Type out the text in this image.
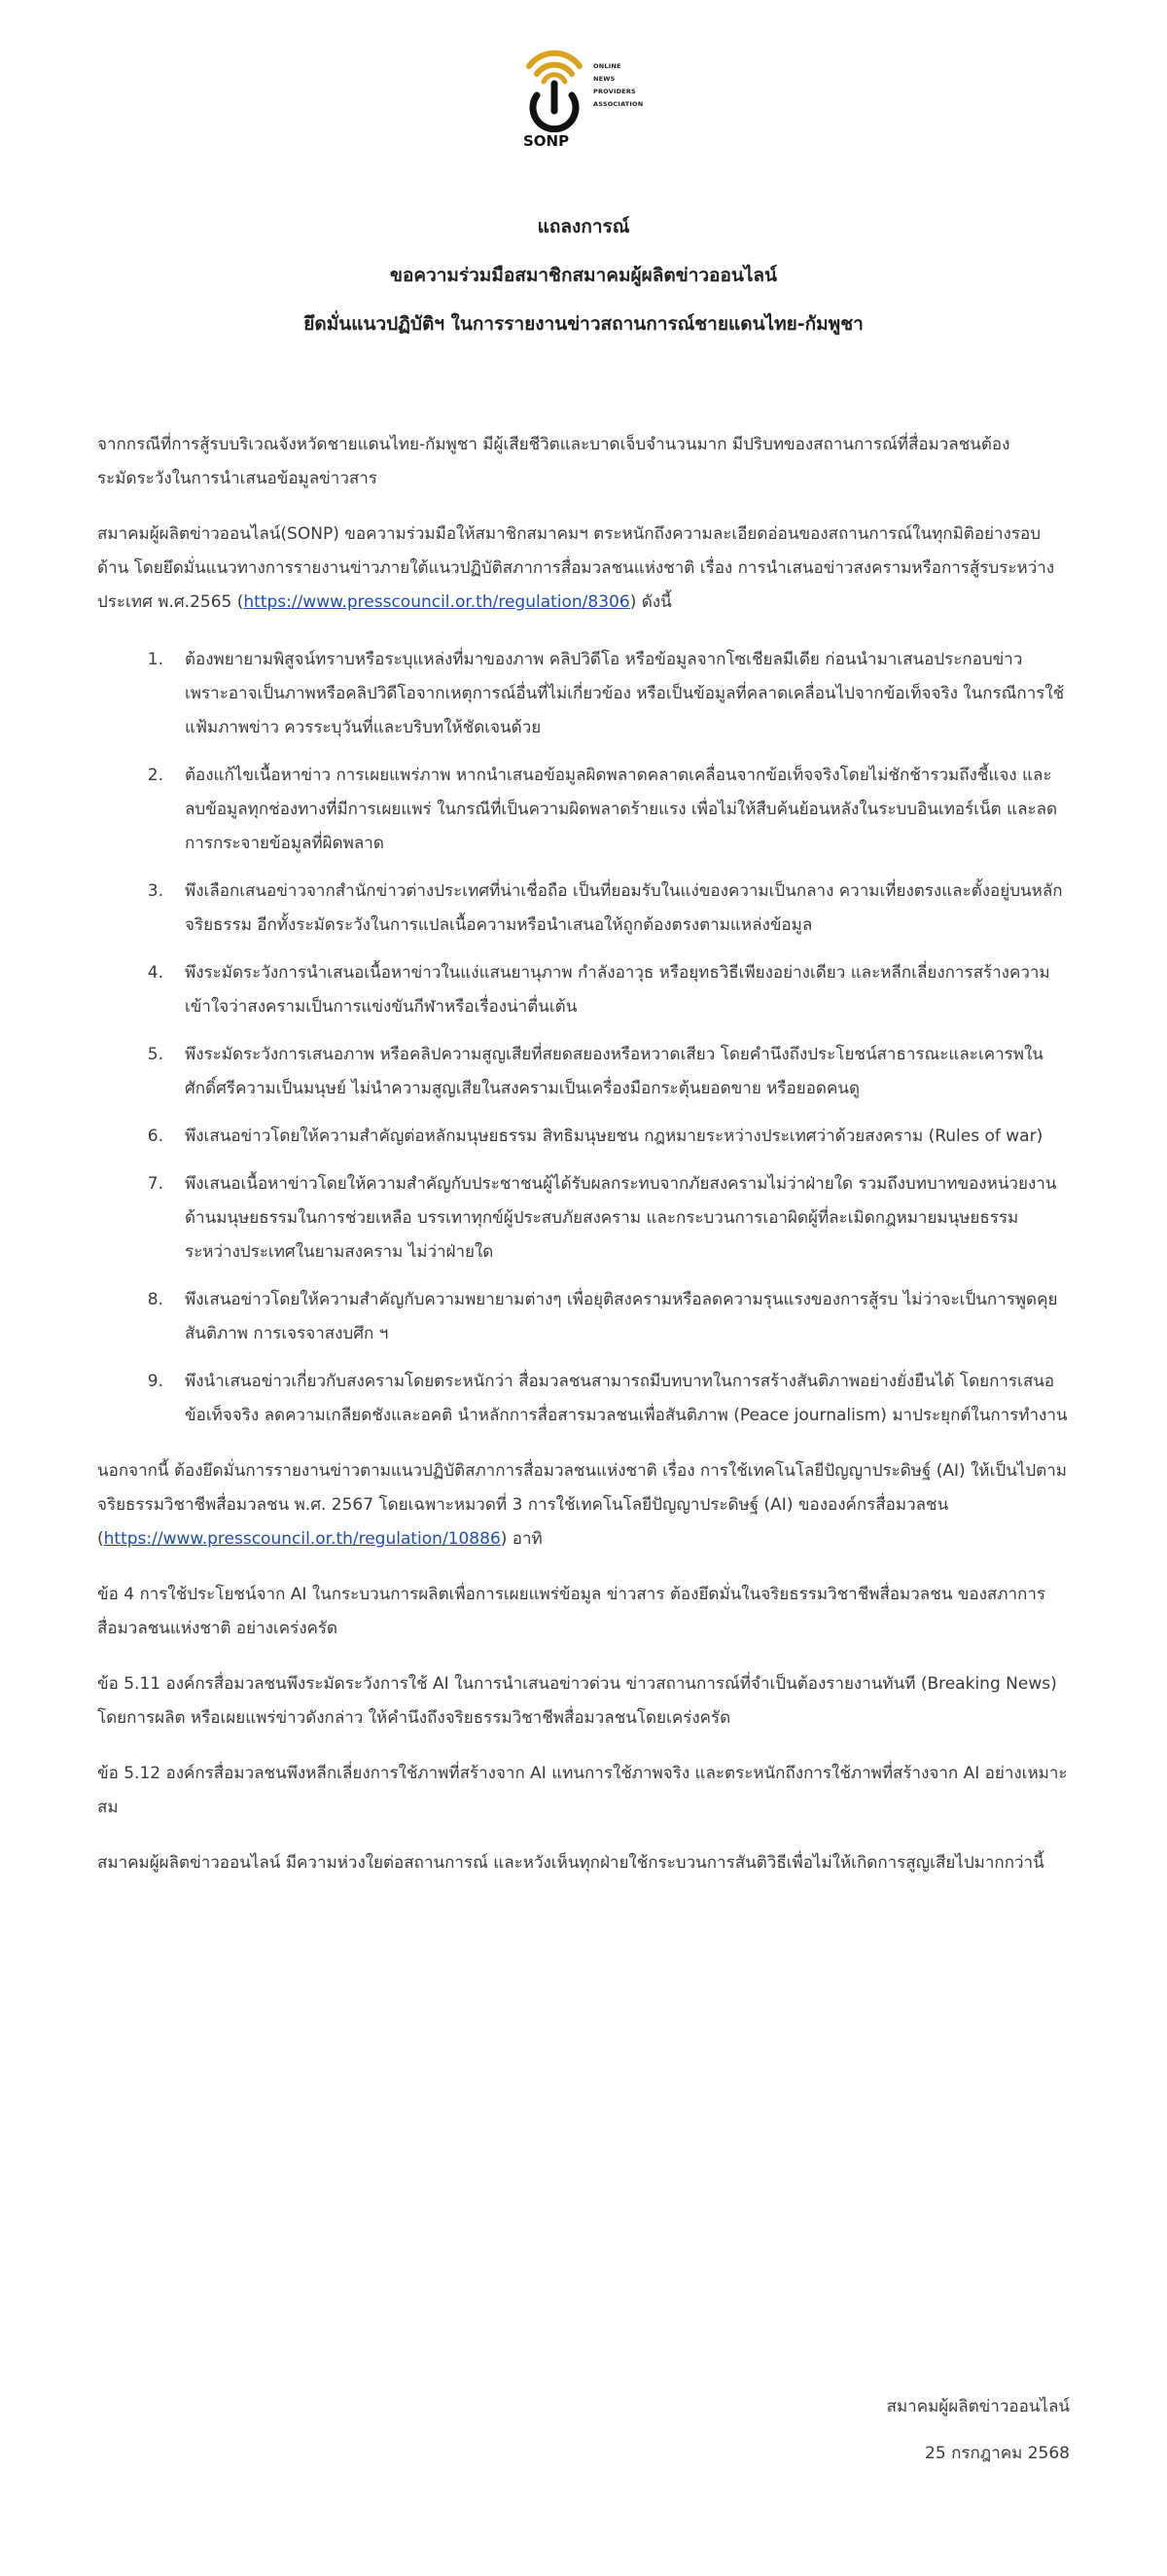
ONLINE
NEWS
PROVIDERS
ASSOCIATION
SONP
แถลงการณ์
ขอความร่วมมือสมาชิกสมาคมผู้ผลิตข่าวออนไลน์
ยึดมั่นแนวปฏิบัติฯ ในการรายงานข่าวสถานการณ์ชายแดนไทย-กัมพูชา

จากกรณีที่การสู้รบบริเวณจังหวัดชายแดนไทย-กัมพูชา มีผู้เสียชีวิตและบาดเจ็บจำนวนมาก มีปริบทของสถานการณ์ที่สื่อมวลชนต้องระมัดระวังในการนำเสนอข้อมูลข่าวสาร

สมาคมผู้ผลิตข่าวออนไลน์(SONP) ขอความร่วมมือให้สมาชิกสมาคมฯ ตระหนักถึงความละเอียดอ่อนของสถานการณ์ในทุกมิติอย่างรอบด้าน โดยยึดมั่นแนวทางการรายงานข่าวภายใต้แนวปฏิบัติสภาการสื่อมวลชนแห่งชาติ เรื่อง การนำเสนอข่าวสงครามหรือการสู้รบระหว่างประเทศ พ.ศ.2565 (https://www.presscouncil.or.th/regulation/8306) ดังนี้

1. ต้องพยายามพิสูจน์ทราบหรือระบุแหล่งที่มาของภาพ คลิปวิดีโอ หรือข้อมูลจากโซเชียลมีเดีย ก่อนนำมาเสนอประกอบข่าว เพราะอาจเป็นภาพหรือคลิปวิดีโอจากเหตุการณ์อื่นที่ไม่เกี่ยวข้อง หรือเป็นข้อมูลที่คลาดเคลื่อนไปจากข้อเท็จจริง ในกรณีการใช้แฟ้มภาพข่าว ควรระบุวันที่และบริบทให้ชัดเจนด้วย
2. ต้องแก้ไขเนื้อหาข่าว การเผยแพร่ภาพ หากนำเสนอข้อมูลผิดพลาดคลาดเคลื่อนจากข้อเท็จจริงโดยไม่ชักช้ารวมถึงชี้แจง และลบข้อมูลทุกช่องทางที่มีการเผยแพร่ ในกรณีที่เป็นความผิดพลาดร้ายแรง เพื่อไม่ให้สืบค้นย้อนหลังในระบบอินเทอร์เน็ต และลดการกระจายข้อมูลที่ผิดพลาด
3. พึงเลือกเสนอข่าวจากสำนักข่าวต่างประเทศที่น่าเชื่อถือ เป็นที่ยอมรับในแง่ของความเป็นกลาง ความเที่ยงตรงและตั้งอยู่บนหลักจริยธรรม อีกทั้งระมัดระวังในการแปลเนื้อความหรือนำเสนอให้ถูกต้องตรงตามแหล่งข้อมูล
4. พึงระมัดระวังการนำเสนอเนื้อหาข่าวในแง่แสนยานุภาพ กำลังอาวุธ หรือยุทธวิธีเพียงอย่างเดียว และหลีกเลี่ยงการสร้างความเข้าใจว่าสงครามเป็นการแข่งขันกีฬาหรือเรื่องน่าตื่นเต้น
5. พึงระมัดระวังการเสนอภาพ หรือคลิปความสูญเสียที่สยดสยองหรือหวาดเสียว โดยคำนึงถึงประโยชน์สาธารณะและเคารพในศักดิ์ศรีความเป็นมนุษย์ ไม่นำความสูญเสียในสงครามเป็นเครื่องมือกระตุ้นยอดขาย หรือยอดคนดู
6. พึงเสนอข่าวโดยให้ความสำคัญต่อหลักมนุษยธรรม สิทธิมนุษยชน กฎหมายระหว่างประเทศว่าด้วยสงคราม (Rules of war)
7. พึงเสนอเนื้อหาข่าวโดยให้ความสำคัญกับประชาชนผู้ได้รับผลกระทบจากภัยสงครามไม่ว่าฝ่ายใด รวมถึงบทบาทของหน่วยงานด้านมนุษยธรรมในการช่วยเหลือ บรรเทาทุกข์ผู้ประสบภัยสงคราม และกระบวนการเอาผิดผู้ที่ละเมิดกฎหมายมนุษยธรรมระหว่างประเทศในยามสงคราม ไม่ว่าฝ่ายใด
8. พึงเสนอข่าวโดยให้ความสำคัญกับความพยายามต่างๆ เพื่อยุติสงครามหรือลดความรุนแรงของการสู้รบ ไม่ว่าจะเป็นการพูดคุยสันติภาพ การเจรจาสงบศึก ฯ
9. พึงนำเสนอข่าวเกี่ยวกับสงครามโดยตระหนักว่า สื่อมวลชนสามารถมีบทบาทในการสร้างสันติภาพอย่างยั่งยืนได้ โดยการเสนอข้อเท็จจริง ลดความเกลียดชังและอคติ นำหลักการสื่อสารมวลชนเพื่อสันติภาพ (Peace journalism) มาประยุกต์ในการทำงาน

นอกจากนี้ ต้องยึดมั่นการรายงานข่าวตามแนวปฏิบัติสภาการสื่อมวลชนแห่งชาติ เรื่อง การใช้เทคโนโลยีปัญญาประดิษฐ์ (AI) ให้เป็นไปตามจริยธรรมวิชาชีพสื่อมวลชน พ.ศ. 2567 โดยเฉพาะหมวดที่ 3 การใช้เทคโนโลยีปัญญาประดิษฐ์ (AI) ขององค์กรสื่อมวลชน (https://www.presscouncil.or.th/regulation/10886) อาทิ

ข้อ 4 การใช้ประโยชน์จาก AI ในกระบวนการผลิตเพื่อการเผยแพร่ข้อมูล ข่าวสาร ต้องยึดมั่นในจริยธรรมวิชาชีพสื่อมวลชน ของสภาการสื่อมวลชนแห่งชาติ อย่างเคร่งครัด

ข้อ 5.11 องค์กรสื่อมวลชนพึงระมัดระวังการใช้ AI ในการนำเสนอข่าวด่วน ข่าวสถานการณ์ที่จำเป็นต้องรายงานทันที (Breaking News) โดยการผลิต หรือเผยแพร่ข่าวดังกล่าว ให้คำนึงถึงจริยธรรมวิชาชีพสื่อมวลชนโดยเคร่งครัด

ข้อ 5.12 องค์กรสื่อมวลชนพึงหลีกเลี่ยงการใช้ภาพที่สร้างจาก AI แทนการใช้ภาพจริง และตระหนักถึงการใช้ภาพที่สร้างจาก AI อย่างเหมาะสม

สมาคมผู้ผลิตข่าวออนไลน์ มีความห่วงใยต่อสถานการณ์ และหวังเห็นทุกฝ่ายใช้กระบวนการสันติวิธีเพื่อไม่ให้เกิดการสูญเสียไปมากกว่านี้

สมาคมผู้ผลิตข่าวออนไลน์
25 กรกฎาคม 2568
